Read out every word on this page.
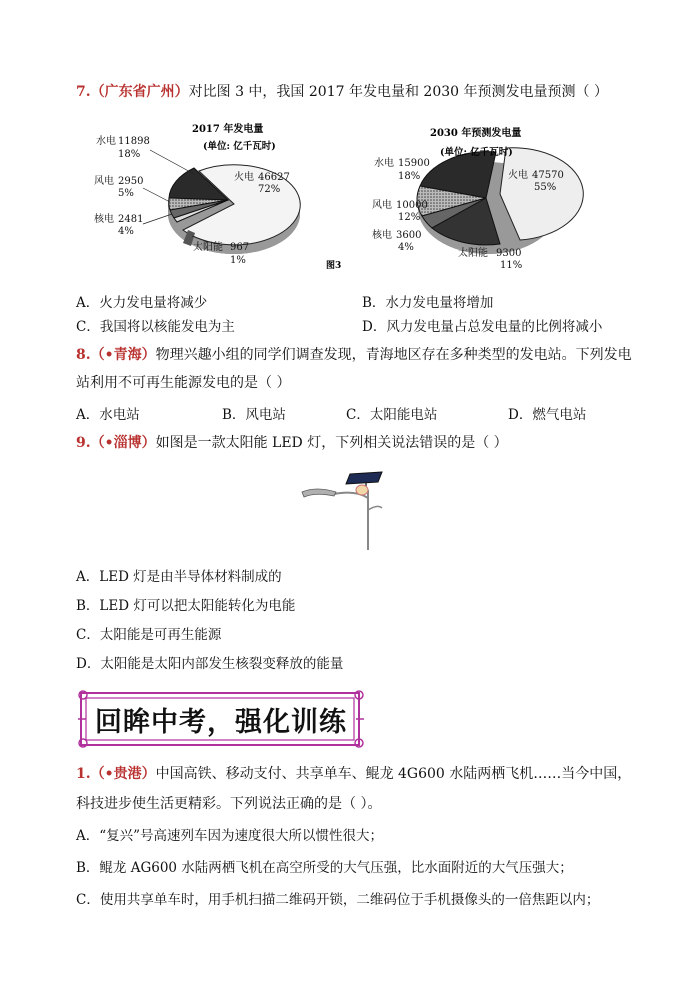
7.（广东省广州）对比图 3 中，我国 2017 年发电量和 2030 年预测发电量预测（ ）
2017 年发电量
(单位: 亿千瓦时)
水电 11898
18%
风电 2950
5%
核电 2481
4%
太阳能 967
1%
火电 46627
72%
2030 年预测发电量
(单位: 亿千瓦时)
水电 15900
18%
风电 10000
12%
核电 3600
4%
太阳能 9300
11%
火电 47570
55%
图3
A．火力发电量将减少	B．水力发电量将增加
C．我国将以核能发电为主	D．风力发电量占总发电量的比例将减小
8.（•青海）物理兴趣小组的同学们调查发现，青海地区存在多种类型的发电站。下列发电
站利用不可再生能源发电的是（ ）
A．水电站	B．风电站	C．太阳能电站	D．燃气电站
9.（•淄博）如图是一款太阳能 LED 灯，下列相关说法错误的是（ ）
A．LED 灯是由半导体材料制成的
B．LED 灯可以把太阳能转化为电能
C．太阳能是可再生能源
D．太阳能是太阳内部发生核裂变释放的能量
回眸中考，强化训练
1.（•贵港）中国高铁、移动支付、共享单车、鲲龙 4G600 水陆两栖飞机……当今中国，
科技进步使生活更精彩。下列说法正确的是（ ）。
A．“复兴”号高速列车因为速度很大所以惯性很大；
B．鲲龙 AG600 水陆两栖飞机在高空所受的大气压强，比水面附近的大气压强大；
C．使用共享单车时，用手机扫描二维码开锁，二维码位于手机摄像头的一倍焦距以内；
